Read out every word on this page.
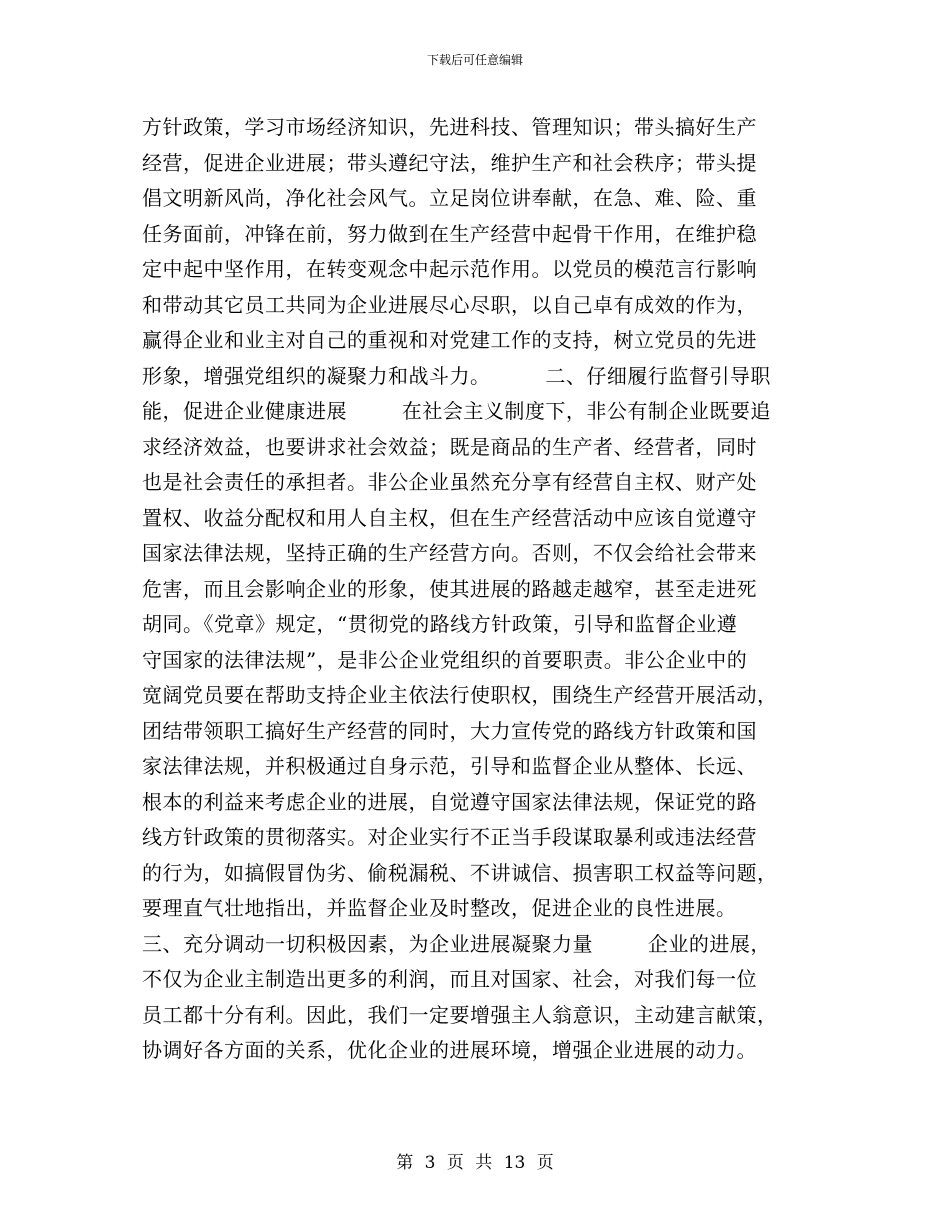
下载后可任意编辑
方针政策，学习市场经济知识，先进科技、管理知识；带头搞好生产
经营，促进企业进展；带头遵纪守法，维护生产和社会秩序；带头提
倡文明新风尚，净化社会风气。立足岗位讲奉献，在急、难、险、重
任务面前，冲锋在前，努力做到在生产经营中起骨干作用，在维护稳
定中起中坚作用，在转变观念中起示范作用。以党员的模范言行影响
和带动其它员工共同为企业进展尽心尽职，以自己卓有成效的作为，
赢得企业和业主对自己的重视和对党建工作的支持，树立党员的先进
形象，增强党组织的凝聚力和战斗力。        二、仔细履行监督引导职
能，促进企业健康进展        在社会主义制度下，非公有制企业既要追
求经济效益，也要讲求社会效益；既是商品的生产者、经营者，同时
也是社会责任的承担者。非公企业虽然充分享有经营自主权、财产处
置权、收益分配权和用人自主权，但在生产经营活动中应该自觉遵守
国家法律法规，坚持正确的生产经营方向。否则，不仅会给社会带来
危害，而且会影响企业的形象，使其进展的路越走越窄，甚至走进死
胡同。《党章》规定，“贯彻党的路线方针政策，引导和监督企业遵
守国家的法律法规”，是非公企业党组织的首要职责。非公企业中的
宽阔党员要在帮助支持企业主依法行使职权，围绕生产经营开展活动，
团结带领职工搞好生产经营的同时，大力宣传党的路线方针政策和国
家法律法规，并积极通过自身示范，引导和监督企业从整体、长远、
根本的利益来考虑企业的进展，自觉遵守国家法律法规，保证党的路
线方针政策的贯彻落实。对企业实行不正当手段谋取暴利或违法经营
的行为，如搞假冒伪劣、偷税漏税、不讲诚信、损害职工权益等问题，
要理直气壮地指出，并监督企业及时整改，促进企业的良性进展。
三、充分调动一切积极因素，为企业进展凝聚力量        企业的进展，
不仅为企业主制造出更多的利润，而且对国家、社会，对我们每一位
员工都十分有利。因此，我们一定要增强主人翁意识，主动建言献策，
协调好各方面的关系，优化企业的进展环境，增强企业进展的动力。
第 3 页 共 13 页
